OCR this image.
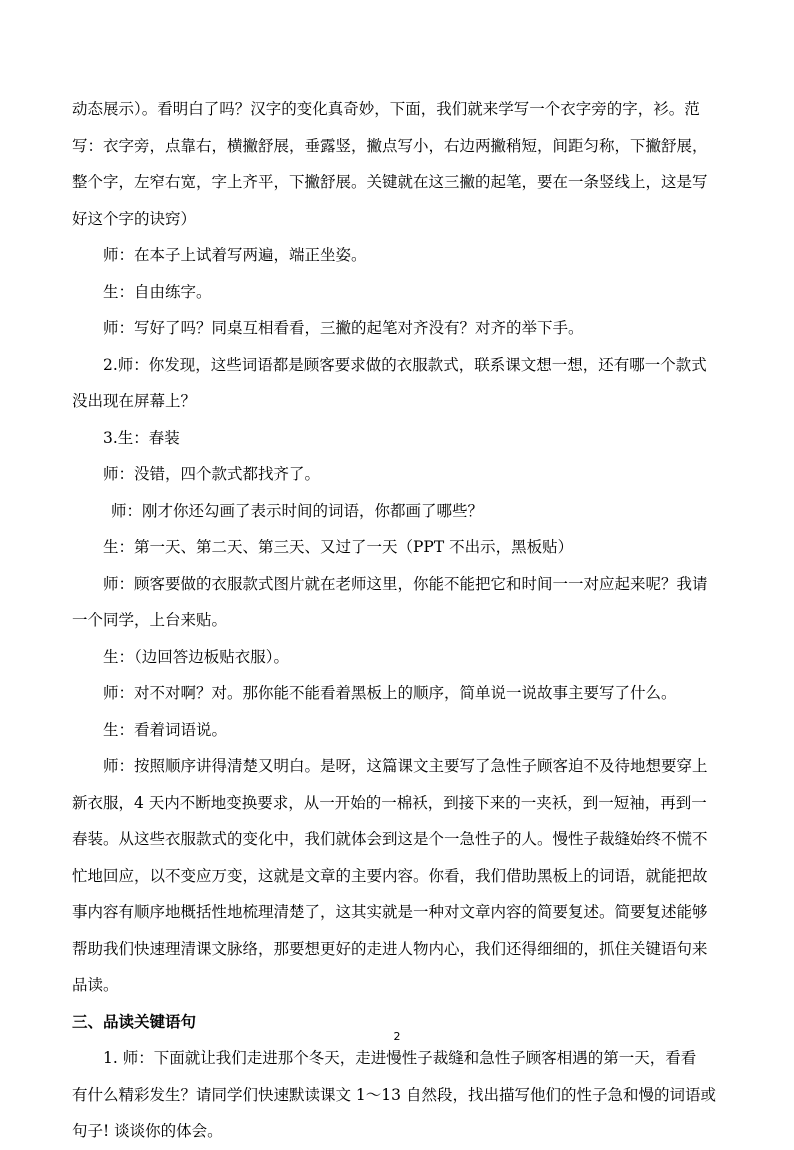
动态展示）。看明白了吗？汉字的变化真奇妙，下面，我们就来学写一个衣字旁的字，衫。范
写：衣字旁，点靠右，横撇舒展，垂露竖，撇点写小，右边两撇稍短，间距匀称，下撇舒展，
整个字，左窄右宽，字上齐平，下撇舒展。关键就在这三撇的起笔，要在一条竖线上，这是写
好这个字的诀窍）
师：在本子上试着写两遍，端正坐姿。
生：自由练字。
师：写好了吗？同桌互相看看，三撇的起笔对齐没有？对齐的举下手。
2.师：你发现，这些词语都是顾客要求做的衣服款式，联系课文想一想，还有哪一个款式
没出现在屏幕上？
3.生：春装
师：没错，四个款式都找齐了。
师：刚才你还勾画了表示时间的词语，你都画了哪些？
生：第一天、第二天、第三天、又过了一天（PPT 不出示，黑板贴）
师：顾客要做的衣服款式图片就在老师这里，你能不能把它和时间一一对应起来呢？我请
一个同学，上台来贴。
生：（边回答边板贴衣服）。
师：对不对啊？对。那你能不能看着黑板上的顺序，简单说一说故事主要写了什么。
生：看着词语说。
师：按照顺序讲得清楚又明白。是呀，这篇课文主要写了急性子顾客迫不及待地想要穿上
新衣服，4 天内不断地变换要求，从一开始的一棉袄，到接下来的一夹袄，到一短袖，再到一
春装。从这些衣服款式的变化中，我们就体会到这是个一急性子的人。慢性子裁缝始终不慌不
忙地回应，以不变应万变，这就是文章的主要内容。你看，我们借助黑板上的词语，就能把故
事内容有顺序地概括性地梳理清楚了，这其实就是一种对文章内容的简要复述。简要复述能够
帮助我们快速理清课文脉络，那要想更好的走进人物内心，我们还得细细的，抓住关键语句来
品读。
三、品读关键语句
1. 师：下面就让我们走进那个冬天，走进慢性子裁缝和急性子顾客相遇的第一天，看看
有什么精彩发生？请同学们快速默读课文 1～13 自然段，找出描写他们的性子急和慢的词语或
句子! 谈谈你的体会。
2
